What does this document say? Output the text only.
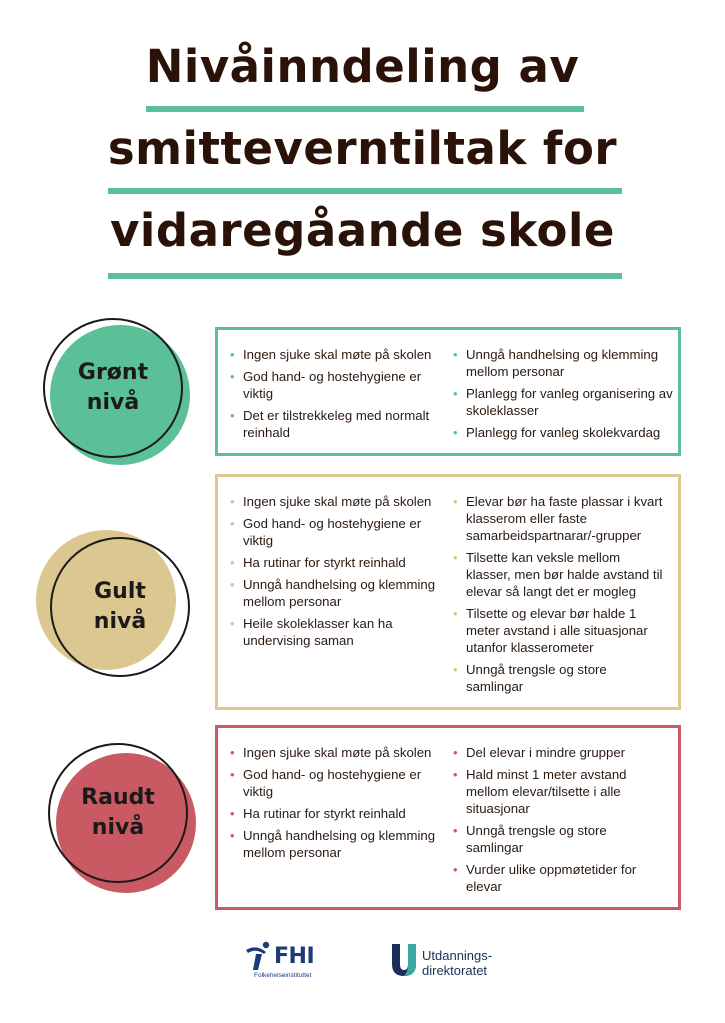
Nivåinndeling av
smitteverntiltak for
vidaregåande skole
Grønt
nivå
• Ingen sjuke skal møte på skolen
• God hand- og hostehygiene er viktig
• Det er tilstrekkeleg med normalt reinhald
• Unngå handhelsing og klemming mellom personar
• Planlegg for vanleg organisering av skoleklasser
• Planlegg for vanleg skolekvardag
Gult
nivå
• Ingen sjuke skal møte på skolen
• God hand- og hostehygiene er viktig
• Ha rutinar for styrkt reinhald
• Unngå handhelsing og klemming mellom personar
• Heile skoleklasser kan ha undervising saman
• Elevar bør ha faste plassar i kvart klasserom eller faste samarbeidspartnarar/-grupper
• Tilsette kan veksle mellom klasser, men bør halde avstand til elevar så langt det er mogleg
• Tilsette og elevar bør halde 1 meter avstand i alle situasjonar utanfor klasserometer
• Unngå trengsle og store samlingar
Raudt
nivå
• Ingen sjuke skal møte på skolen
• God hand- og hostehygiene er viktig
• Ha rutinar for styrkt reinhald
• Unngå handhelsing og klemming mellom personar
• Del elevar i mindre grupper
• Hald minst 1 meter avstand mellom elevar/tilsette i alle situasjonar
• Unngå trengsle og store samlingar
• Vurder ulike oppmøtetider for elevar
FHI
Folkehelseinstituttet
Utdannings-
direktoratet
